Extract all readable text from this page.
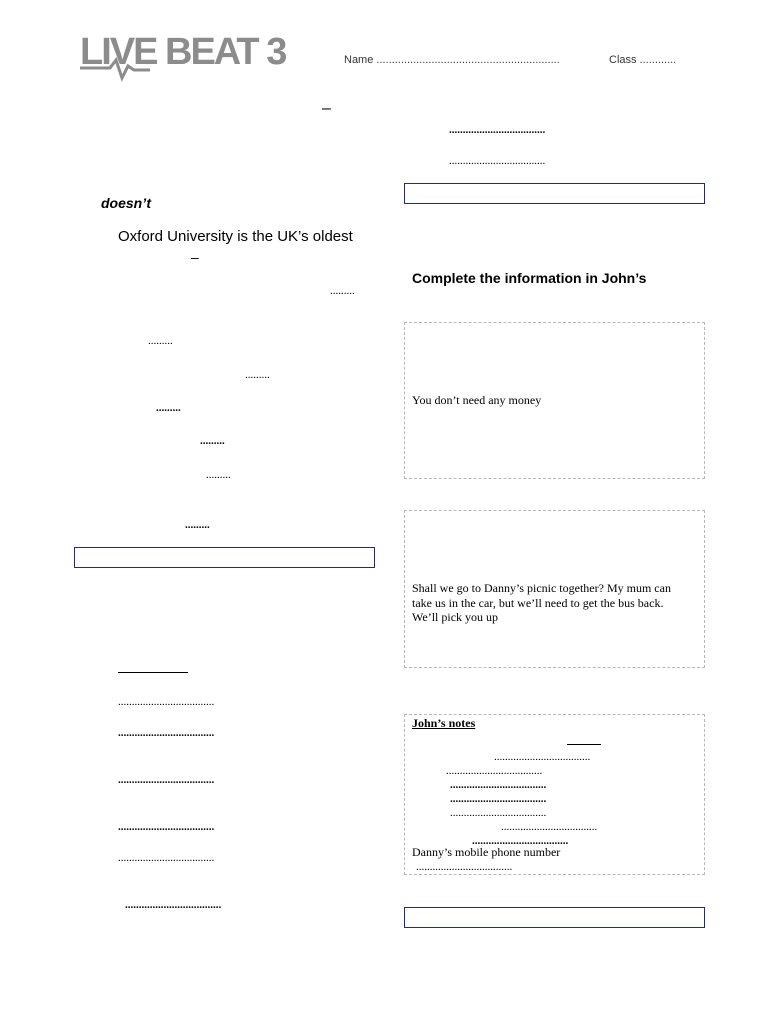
LIVE BEAT 3	Name ............................................................	Class ............
–
doesn’t
Oxford University is the UK’s oldest
–
.........
.........
.........
.........
.........
.........
.........
...................................
...................................
...................................
...................................
...................................
...................................
...................................
...................................
Complete the information in John’s
You don’t need any money
Shall we go to Danny’s picnic together? My mum can
take us in the car, but we’ll need to get the bus back.
We’ll pick you up
John’s notes
...................................
...................................
...................................
...................................
...................................
...................................
...................................
Danny’s mobile phone number
...................................
